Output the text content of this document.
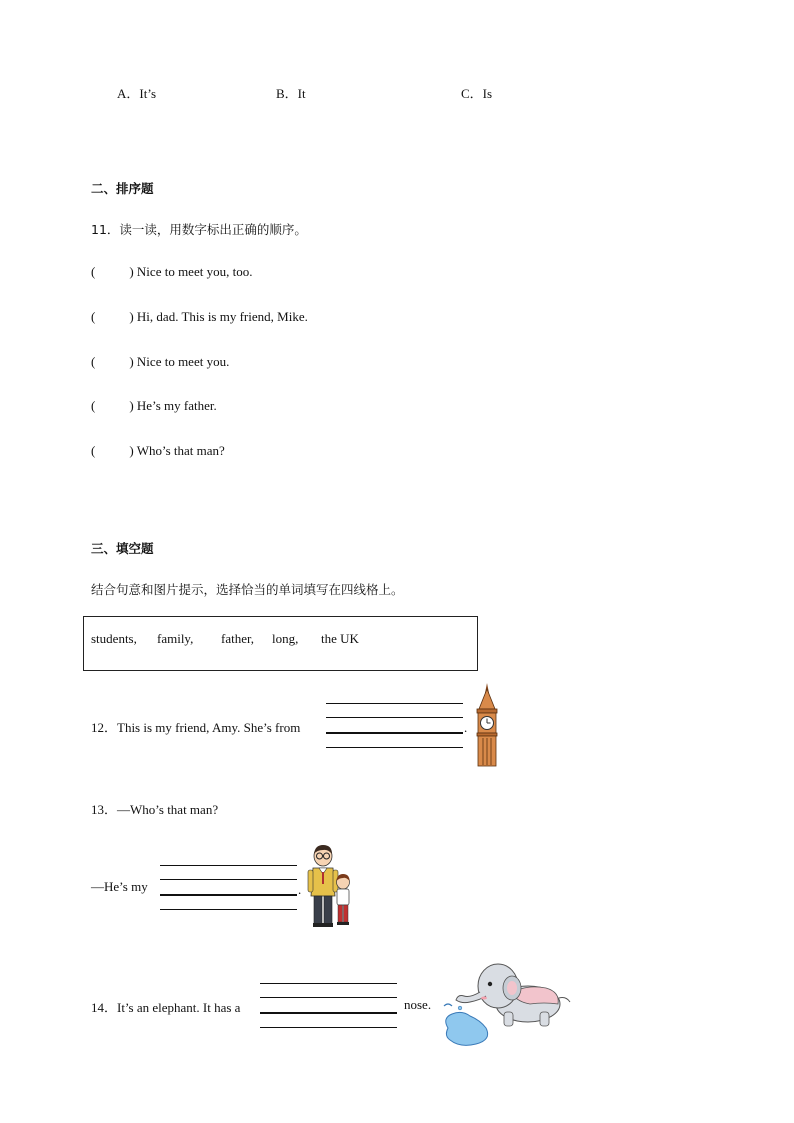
A．It’s	B．It	C．Is
二、排序题
11．读一读，用数字标出正确的顺序。
(	) Nice to meet you, too.
(	) Hi, dad. This is my friend, Mike.
(	) Nice to meet you.
(	) He’s my father.
(	) Who’s that man?
三、填空题
结合句意和图片提示，选择恰当的单词填写在四线格上。
students, family, father, long, the UK
12．This is my friend, Amy. She’s from	.
13．—Who’s that man?
—He’s my	.
14．It’s an elephant. It has a	nose.
